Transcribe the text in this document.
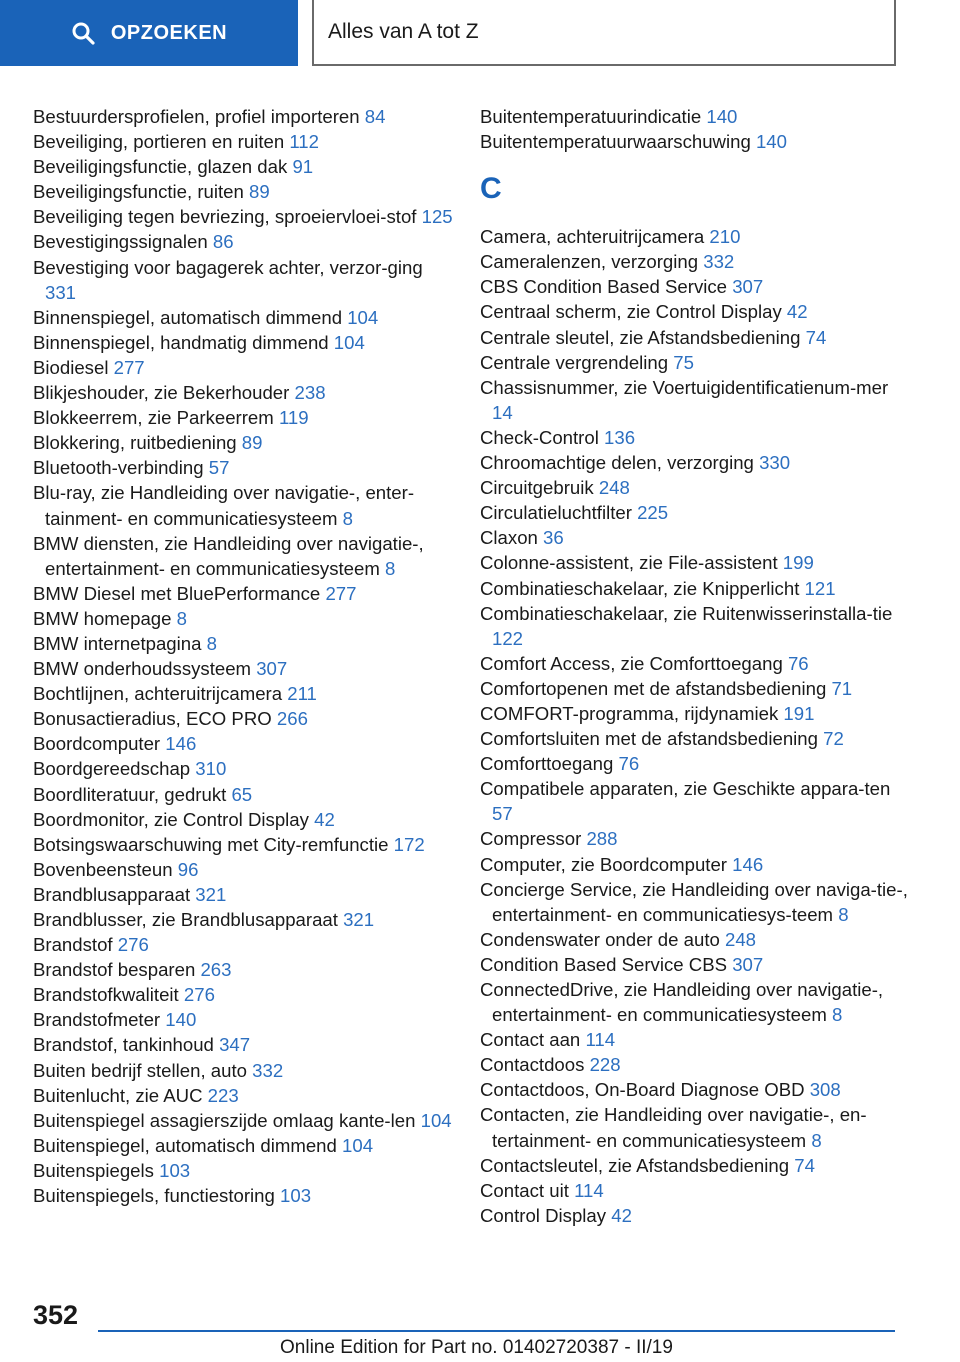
OPZOEKEN	Alles van A tot Z
Bestuurdersprofielen, profiel importeren 84
Beveiliging, portieren en ruiten 112
Beveiligingsfunctie, glazen dak 91
Beveiligingsfunctie, ruiten 89
Beveiliging tegen bevriezing, sproeiervloei-stof 125
Bevestigingssignalen 86
Bevestiging voor bagagerek achter, verzor-ging 331
Binnenspiegel, automatisch dimmend 104
Binnenspiegel, handmatig dimmend 104
Biodiesel 277
Blikjeshouder, zie Bekerhouder 238
Blokkeerrem, zie Parkeerrem 119
Blokkering, ruitbediening 89
Bluetooth-verbinding 57
Blu-ray, zie Handleiding over navigatie-, enter-tainment- en communicatiesysteem 8
BMW diensten, zie Handleiding over navigatie-, entertainment- en communicatiesysteem 8
BMW Diesel met BluePerformance 277
BMW homepage 8
BMW internetpagina 8
BMW onderhoudssysteem 307
Bochtlijnen, achteruitrijcamera 211
Bonusactieradius, ECO PRO 266
Boordcomputer 146
Boordgereedschap 310
Boordliteratuur, gedrukt 65
Boordmonitor, zie Control Display 42
Botsingswaarschuwing met City-remfunctie 172
Bovenbeensteun 96
Brandblusapparaat 321
Brandblusser, zie Brandblusapparaat 321
Brandstof 276
Brandstof besparen 263
Brandstofkwaliteit 276
Brandstofmeter 140
Brandstof, tankinhoud 347
Buiten bedrijf stellen, auto 332
Buitenlucht, zie AUC 223
Buitenspiegel assagierszijde omlaag kante-len 104
Buitenspiegel, automatisch dimmend 104
Buitenspiegels 103
Buitenspiegels, functiestoring 103
Buitentemperatuurindicatie 140
Buitentemperatuurwaarschuwing 140
C
Camera, achteruitrijcamera 210
Cameralenzen, verzorging 332
CBS Condition Based Service 307
Centraal scherm, zie Control Display 42
Centrale sleutel, zie Afstandsbediening 74
Centrale vergrendeling 75
Chassisnummer, zie Voertuigidentificatienum-mer 14
Check-Control 136
Chroomachtige delen, verzorging 330
Circuitgebruik 248
Circulatieluchtfilter 225
Claxon 36
Colonne-assistent, zie File-assistent 199
Combinatieschakelaar, zie Knipperlicht 121
Combinatieschakelaar, zie Ruitenwisserinstalla-tie 122
Comfort Access, zie Comforttoegang 76
Comfortopenen met de afstandsbediening 71
COMFORT-programma, rijdynamiek 191
Comfortsluiten met de afstandsbediening 72
Comforttoegang 76
Compatibele apparaten, zie Geschikte appara-ten 57
Compressor 288
Computer, zie Boordcomputer 146
Concierge Service, zie Handleiding over naviga-tie-, entertainment- en communicatiesys-teem 8
Condenswater onder de auto 248
Condition Based Service CBS 307
ConnectedDrive, zie Handleiding over navigatie-, entertainment- en communicatiesysteem 8
Contact aan 114
Contactdoos 228
Contactdoos, On-Board Diagnose OBD 308
Contacten, zie Handleiding over navigatie-, en-tertainment- en communicatiesysteem 8
Contactsleutel, zie Afstandsbediening 74
Contact uit 114
Control Display 42
352
Online Edition for Part no. 01402720387 - II/19
